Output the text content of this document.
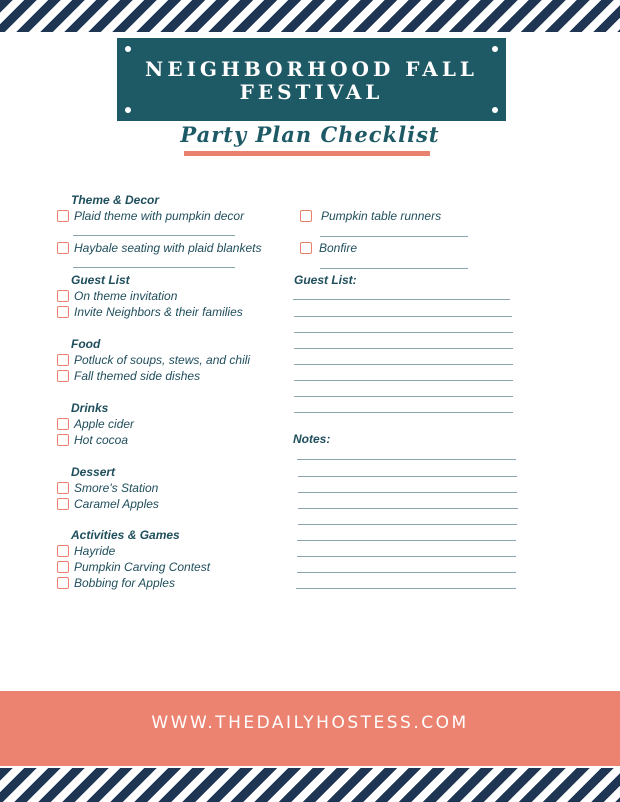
NEIGHBORHOOD FALL FESTIVAL
Party Plan Checklist
Theme & Decor
Plaid theme with pumpkin decor
Haybale seating with plaid blankets
Pumpkin table runners
Bonfire
Guest List
On theme invitation
Invite Neighbors & their families
Food
Potluck of soups, stews, and chili
Fall themed side dishes
Drinks
Apple cider
Hot cocoa
Dessert
Smore's Station
Caramel Apples
Activities & Games
Hayride
Pumpkin Carving Contest
Bobbing for Apples
Guest List:
Notes:
WWW.THEDAILYHOSTESS.COM
